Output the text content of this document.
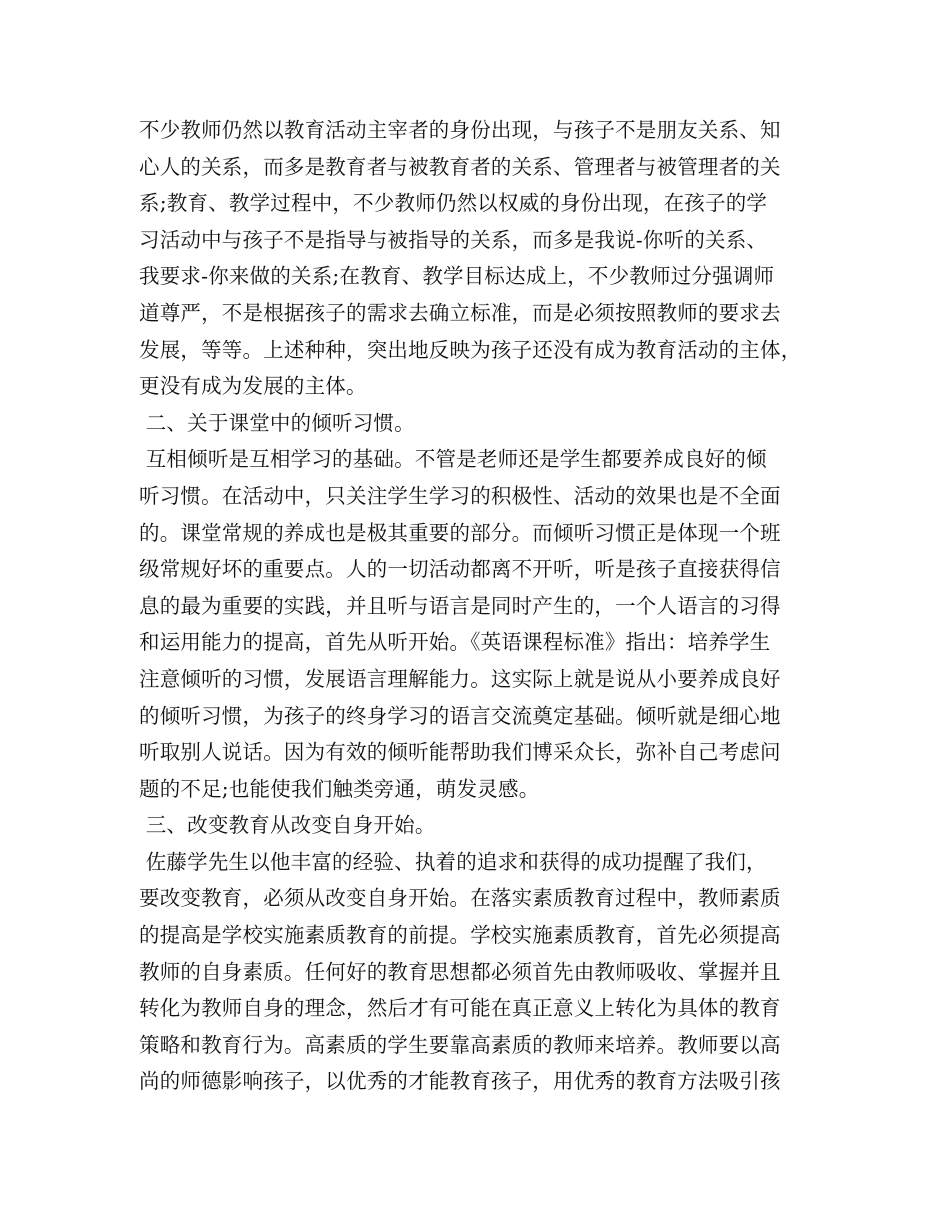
不少教师仍然以教育活动主宰者的身份出现，与孩子不是朋友关系、知
心人的关系，而多是教育者与被教育者的关系、管理者与被管理者的关
系;教育、教学过程中，不少教师仍然以权威的身份出现，在孩子的学
习活动中与孩子不是指导与被指导的关系，而多是我说-你听的关系、
我要求-你来做的关系;在教育、教学目标达成上，不少教师过分强调师
道尊严，不是根据孩子的需求去确立标准，而是必须按照教师的要求去
发展，等等。上述种种，突出地反映为孩子还没有成为教育活动的主体，
更没有成为发展的主体。
二、关于课堂中的倾听习惯。
互相倾听是互相学习的基础。不管是老师还是学生都要养成良好的倾
听习惯。在活动中，只关注学生学习的积极性、活动的效果也是不全面
的。课堂常规的养成也是极其重要的部分。而倾听习惯正是体现一个班
级常规好坏的重要点。人的一切活动都离不开听，听是孩子直接获得信
息的最为重要的实践，并且听与语言是同时产生的，一个人语言的习得
和运用能力的提高，首先从听开始。《英语课程标准》指出：培养学生
注意倾听的习惯，发展语言理解能力。这实际上就是说从小要养成良好
的倾听习惯，为孩子的终身学习的语言交流奠定基础。倾听就是细心地
听取别人说话。因为有效的倾听能帮助我们博采众长，弥补自己考虑问
题的不足;也能使我们触类旁通，萌发灵感。
三、改变教育从改变自身开始。
佐藤学先生以他丰富的经验、执着的追求和获得的成功提醒了我们，
要改变教育，必须从改变自身开始。在落实素质教育过程中，教师素质
的提高是学校实施素质教育的前提。学校实施素质教育，首先必须提高
教师的自身素质。任何好的教育思想都必须首先由教师吸收、掌握并且
转化为教师自身的理念，然后才有可能在真正意义上转化为具体的教育
策略和教育行为。高素质的学生要靠高素质的教师来培养。教师要以高
尚的师德影响孩子，以优秀的才能教育孩子，用优秀的教育方法吸引孩
